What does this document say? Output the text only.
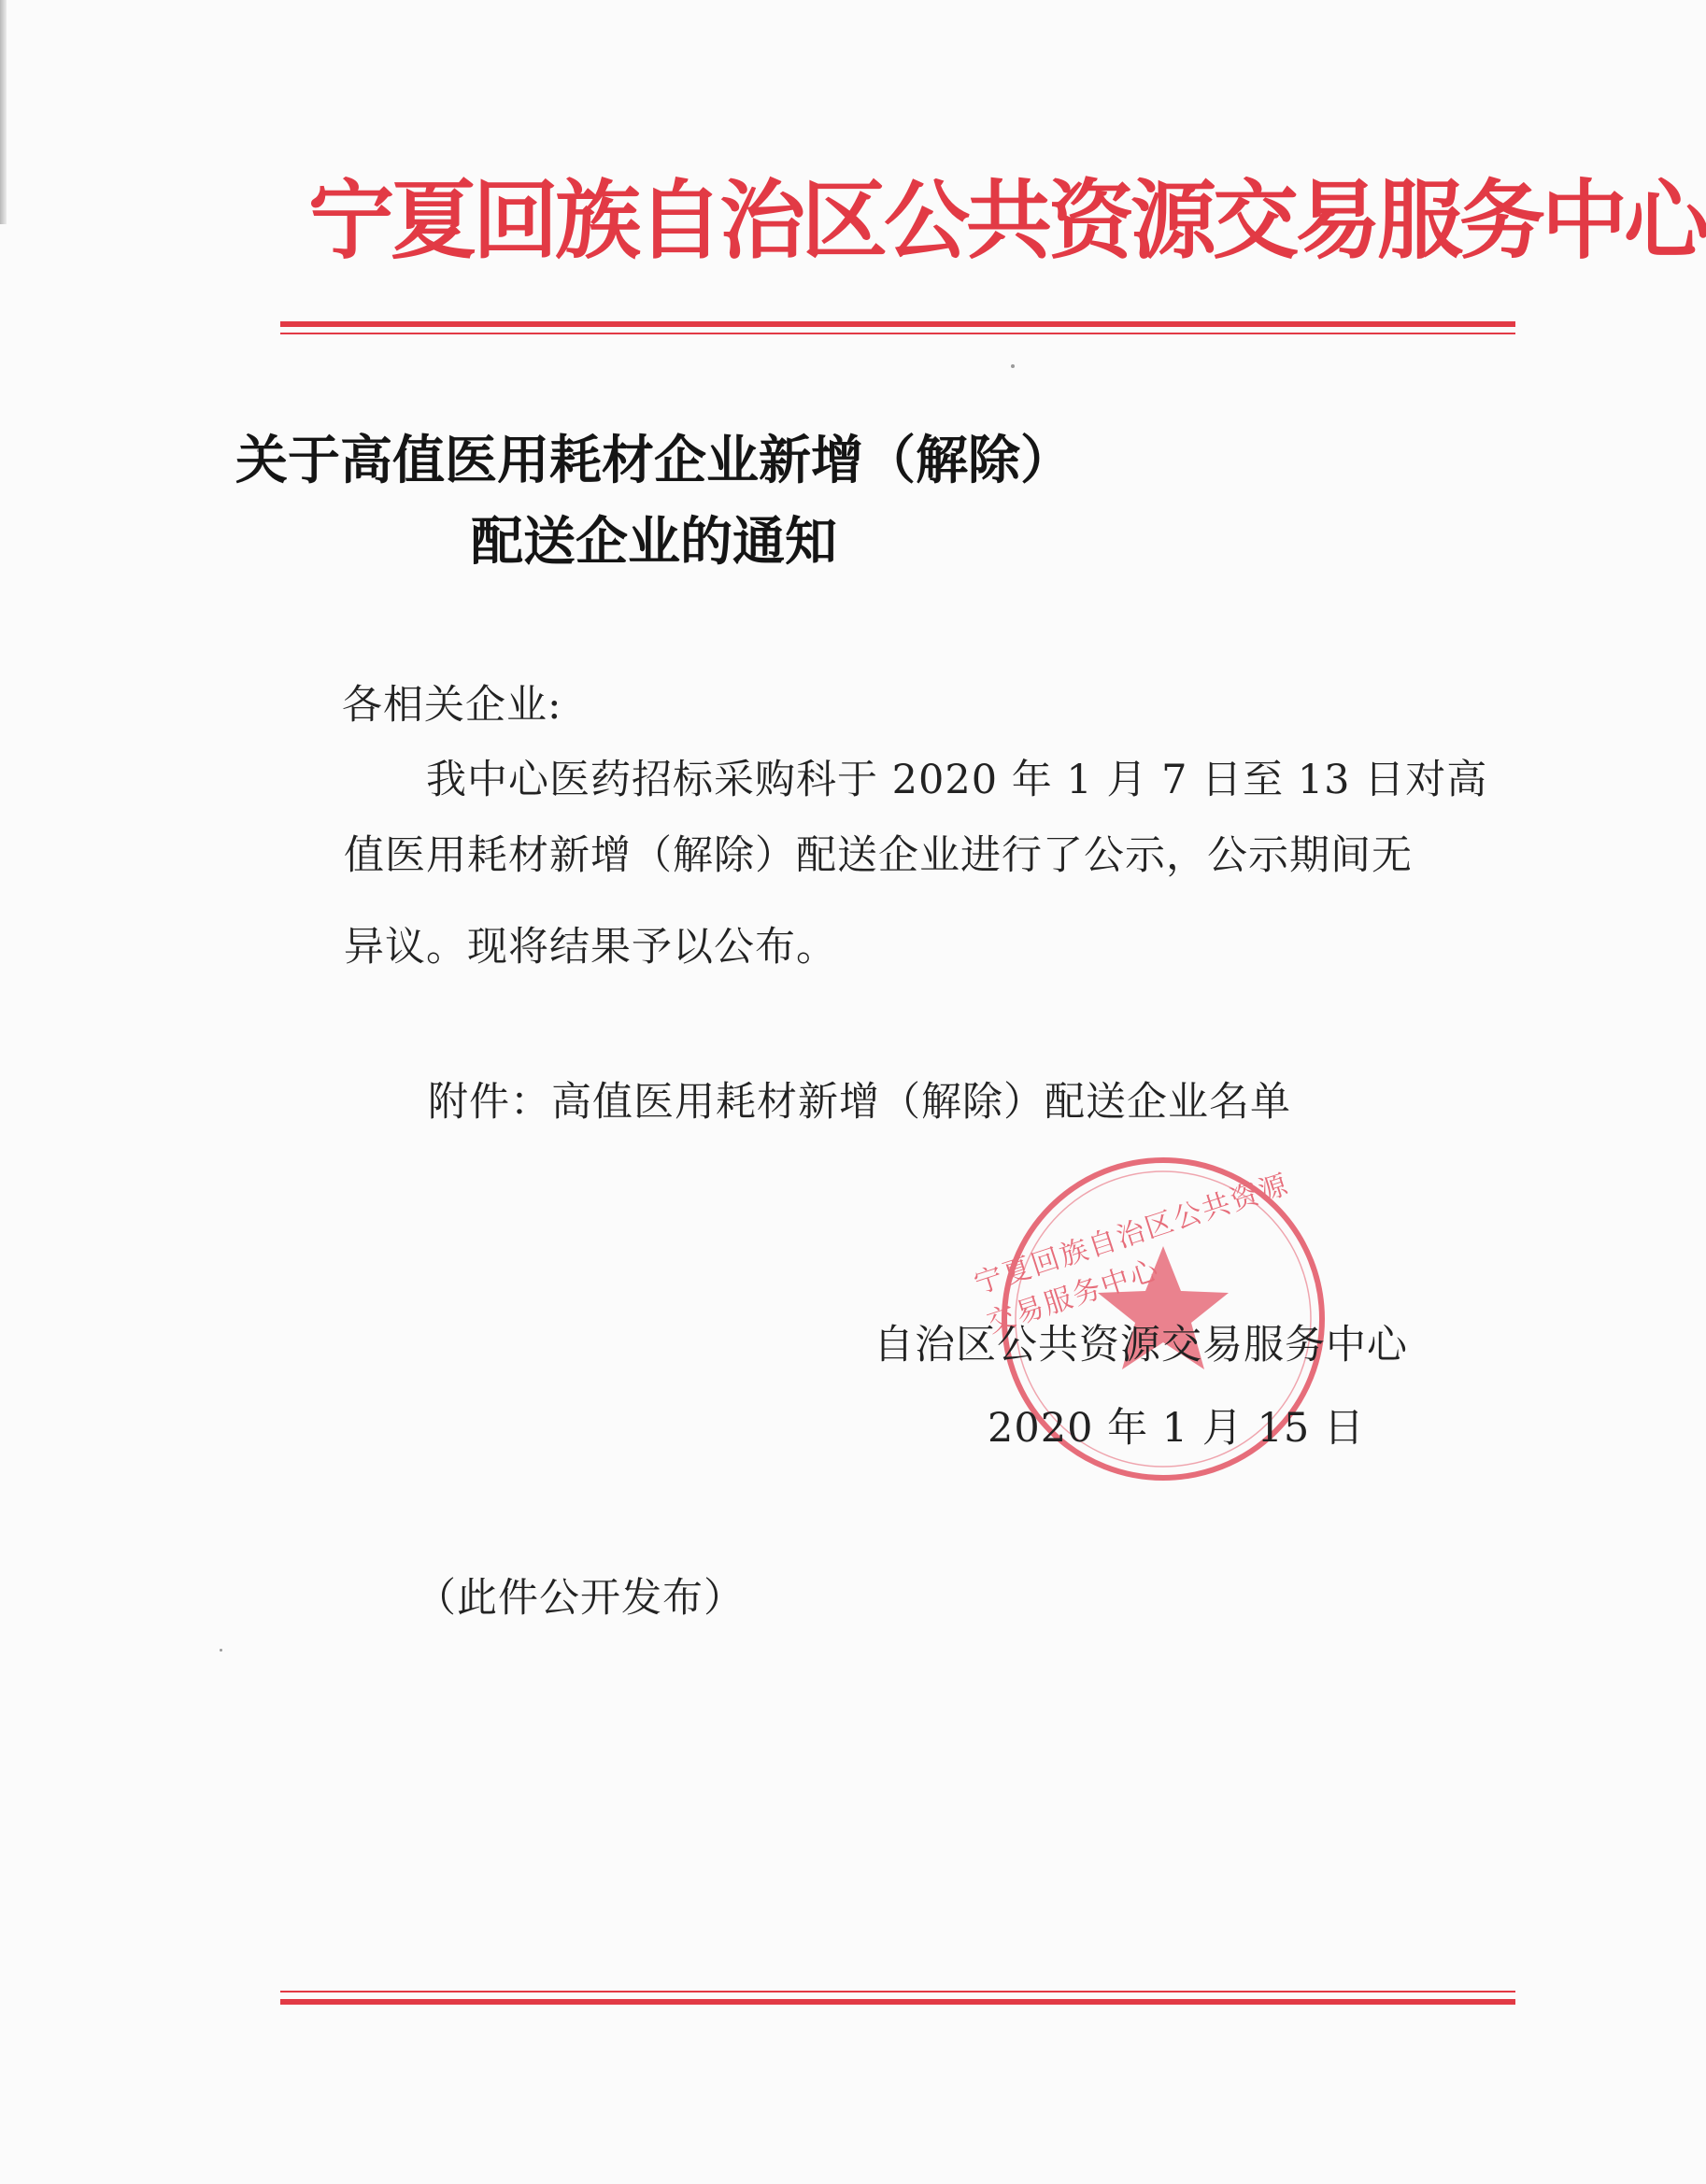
宁夏回族自治区公共资源交易服务中心
关于高值医用耗材企业新增（解除）
配送企业的通知
各相关企业:
我中心医药招标采购科于 2020 年 1 月 7 日至 13 日对高
值医用耗材新增（解除）配送企业进行了公示，公示期间无
异议。现将结果予以公布。
附件：高值医用耗材新增（解除）配送企业名单
宁夏回族自治区公共资源交易服务中心
自治区公共资源交易服务中心
2020 年 1 月 15 日
（此件公开发布）
